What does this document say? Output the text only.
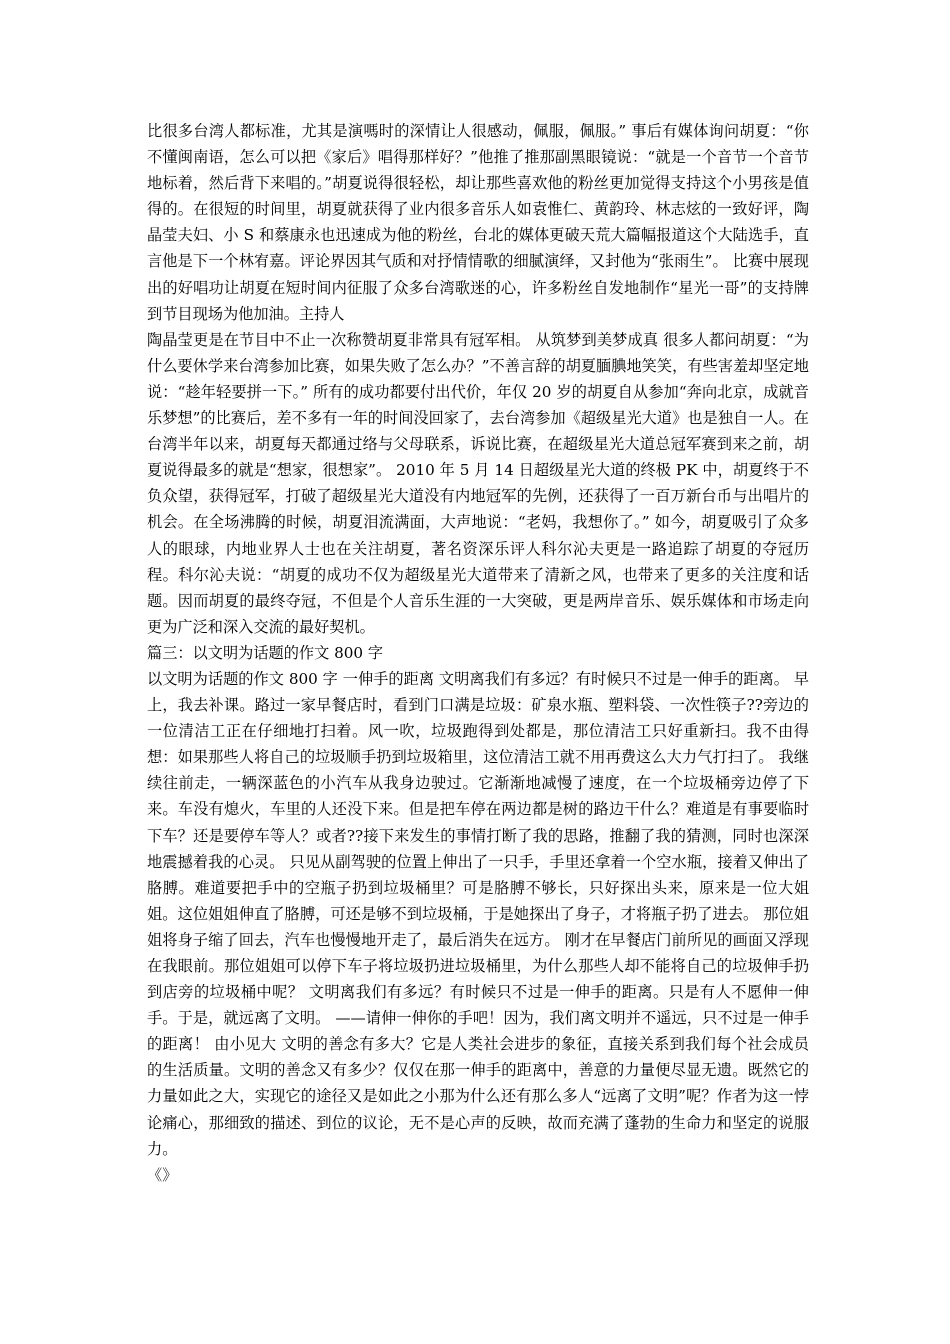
比很多台湾人都标准，尤其是演嗎时的深情让人很感动，佩服，佩服。” 事后有媒体询问胡夏：“你不懂闽南语，怎么可以把《家后》唱得那样好？”他推了推那副黑眼镜说：“就是一个音节一个音节地标着，然后背下来唱的。”胡夏说得很轻松，却让那些喜欢他的粉丝更加觉得支持这个小男孩是值得的。在很短的时间里，胡夏就获得了业内很多音乐人如袁惟仁、黄韵玲、林志炫的一致好评，陶晶莹夫妇、小 S 和蔡康永也迅速成为他的粉丝，台北的媒体更破天荒大篇幅报道这个大陆选手，直言他是下一个林宥嘉。评论界因其气质和对抒情情歌的细腻演绎，又封他为“张雨生”。 比赛中展现出的好唱功让胡夏在短时间内征服了众多台湾歌迷的心，许多粉丝自发地制作“星光一哥”的支持牌到节目现场为他加油。主持人

陶晶莹更是在节目中不止一次称赞胡夏非常具有冠军相。 从筑梦到美梦成真 很多人都问胡夏：“为什么要休学来台湾参加比赛，如果失败了怎么办？”不善言辞的胡夏腼腆地笑笑，有些害羞却坚定地说：“趁年轻要拼一下。” 所有的成功都要付出代价，年仅 20 岁的胡夏自从参加“奔向北京，成就音乐梦想”的比赛后，差不多有一年的时间没回家了，去台湾参加《超级星光大道》也是独自一人。在台湾半年以来，胡夏每天都通过络与父母联系，诉说比赛，在超级星光大道总冠军赛到来之前，胡夏说得最多的就是“想家，很想家”。 2010 年 5 月 14 日超级星光大道的终极 PK 中，胡夏终于不负众望，获得冠军，打破了超级星光大道没有内地冠军的先例，还获得了一百万新台币与出唱片的机会。在全场沸腾的时候，胡夏泪流满面，大声地说：“老妈，我想你了。” 如今，胡夏吸引了众多人的眼球，内地业界人士也在关注胡夏，著名资深乐评人科尔沁夫更是一路追踪了胡夏的夺冠历程。科尔沁夫说：“胡夏的成功不仅为超级星光大道带来了清新之风，也带来了更多的关注度和话题。因而胡夏的最终夺冠，不但是个人音乐生涯的一大突破，更是两岸音乐、娱乐媒体和市场走向更为广泛和深入交流的最好契机。

篇三：以文明为话题的作文 800 字

以文明为话题的作文 800 字 一伸手的距离 文明离我们有多远？有时候只不过是一伸手的距离。 早上，我去补课。路过一家早餐店时，看到门口满是垃圾：矿泉水瓶、塑料袋、一次性筷子??旁边的一位清洁工正在仔细地打扫着。风一吹，垃圾跑得到处都是，那位清洁工只好重新扫。我不由得想：如果那些人将自己的垃圾顺手扔到垃圾箱里，这位清洁工就不用再费这么大力气打扫了。 我继续往前走，一辆深蓝色的小汽车从我身边驶过。它渐渐地减慢了速度，在一个垃圾桶旁边停了下来。车没有熄火，车里的人还没下来。但是把车停在两边都是树的路边干什么？难道是有事要临时下车？还是要停车等人？或者??接下来发生的事情打断了我的思路，推翻了我的猜测，同时也深深地震撼着我的心灵。 只见从副驾驶的位置上伸出了一只手，手里还拿着一个空水瓶，接着又伸出了胳膊。难道要把手中的空瓶子扔到垃圾桶里？可是胳膊不够长，只好探出头来，原来是一位大姐姐。这位姐姐伸直了胳膊，可还是够不到垃圾桶，于是她探出了身子，才将瓶子扔了进去。 那位姐姐将身子缩了回去，汽车也慢慢地开走了，最后消失在远方。 刚才在早餐店门前所见的画面又浮现在我眼前。那位姐姐可以停下车子将垃圾扔进垃圾桶里，为什么那些人却不能将自己的垃圾伸手扔到店旁的垃圾桶中呢？ 文明离我们有多远？有时候只不过是一伸手的距离。只是有人不愿伸一伸手。于是，就远离了文明。 ——请伸一伸你的手吧！因为，我们离文明并不遥远，只不过是一伸手的距离！ 由小见大 文明的善念有多大？它是人类社会进步的象征，直接关系到我们每个社会成员的生活质量。文明的善念又有多少？仅仅在那一伸手的距离中，善意的力量便尽显无遗。既然它的力量如此之大，实现它的途径又是如此之小那为什么还有那么多人“远离了文明”呢？作者为这一悖论痛心，那细致的描述、到位的议论，无不是心声的反映，故而充满了蓬勃的生命力和坚定的说服力。

《》
